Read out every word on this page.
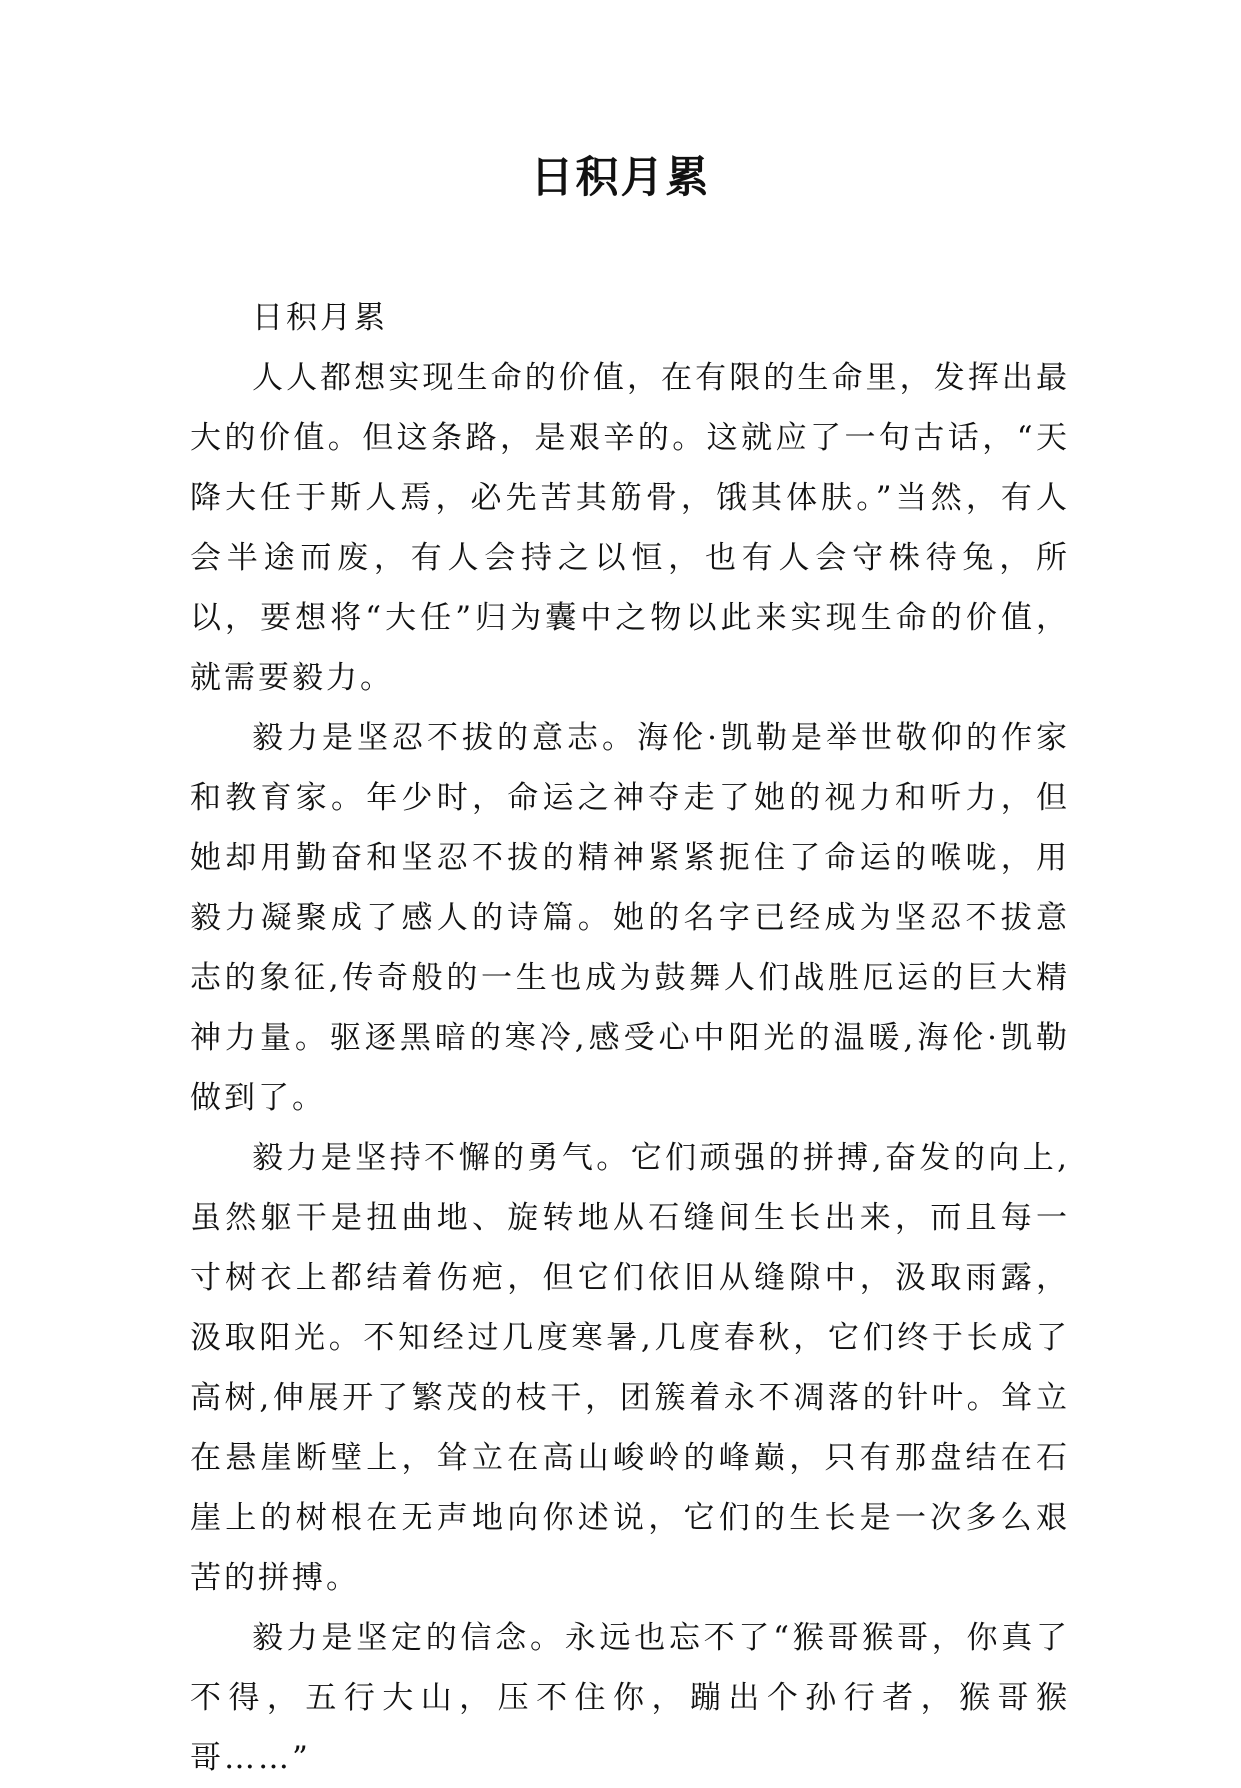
日积月累

日积月累

人人都想实现生命的价值，在有限的生命里，发挥出最大的价值。但这条路，是艰辛的。这就应了一句古话，“天降大任于斯人焉，必先苦其筋骨，饿其体肤。”当然，有人会半途而废，有人会持之以恒，也有人会守株待兔，所以，要想将“大任”归为囊中之物以此来实现生命的价值，就需要毅力。

毅力是坚忍不拔的意志。海伦·凯勒是举世敬仰的作家和教育家。年少时，命运之神夺走了她的视力和听力，但她却用勤奋和坚忍不拔的精神紧紧扼住了命运的喉咙，用毅力凝聚成了感人的诗篇。她的名字已经成为坚忍不拔意志的象征,传奇般的一生也成为鼓舞人们战胜厄运的巨大精神力量。驱逐黑暗的寒冷,感受心中阳光的温暖,海伦·凯勒做到了。

毅力是坚持不懈的勇气。它们顽强的拼搏,奋发的向上,虽然躯干是扭曲地、旋转地从石缝间生长出来，而且每一寸树衣上都结着伤疤，但它们依旧从缝隙中，汲取雨露，汲取阳光。不知经过几度寒暑,几度春秋，它们终于长成了高树,伸展开了繁茂的枝干，团簇着永不凋落的针叶。耸立在悬崖断壁上，耸立在高山峻岭的峰巅，只有那盘结在石崖上的树根在无声地向你述说，它们的生长是一次多么艰苦的拼搏。

毅力是坚定的信念。永远也忘不了“猴哥猴哥，你真了不得，五行大山，压不住你，蹦出个孙行者，猴哥猴哥……”
